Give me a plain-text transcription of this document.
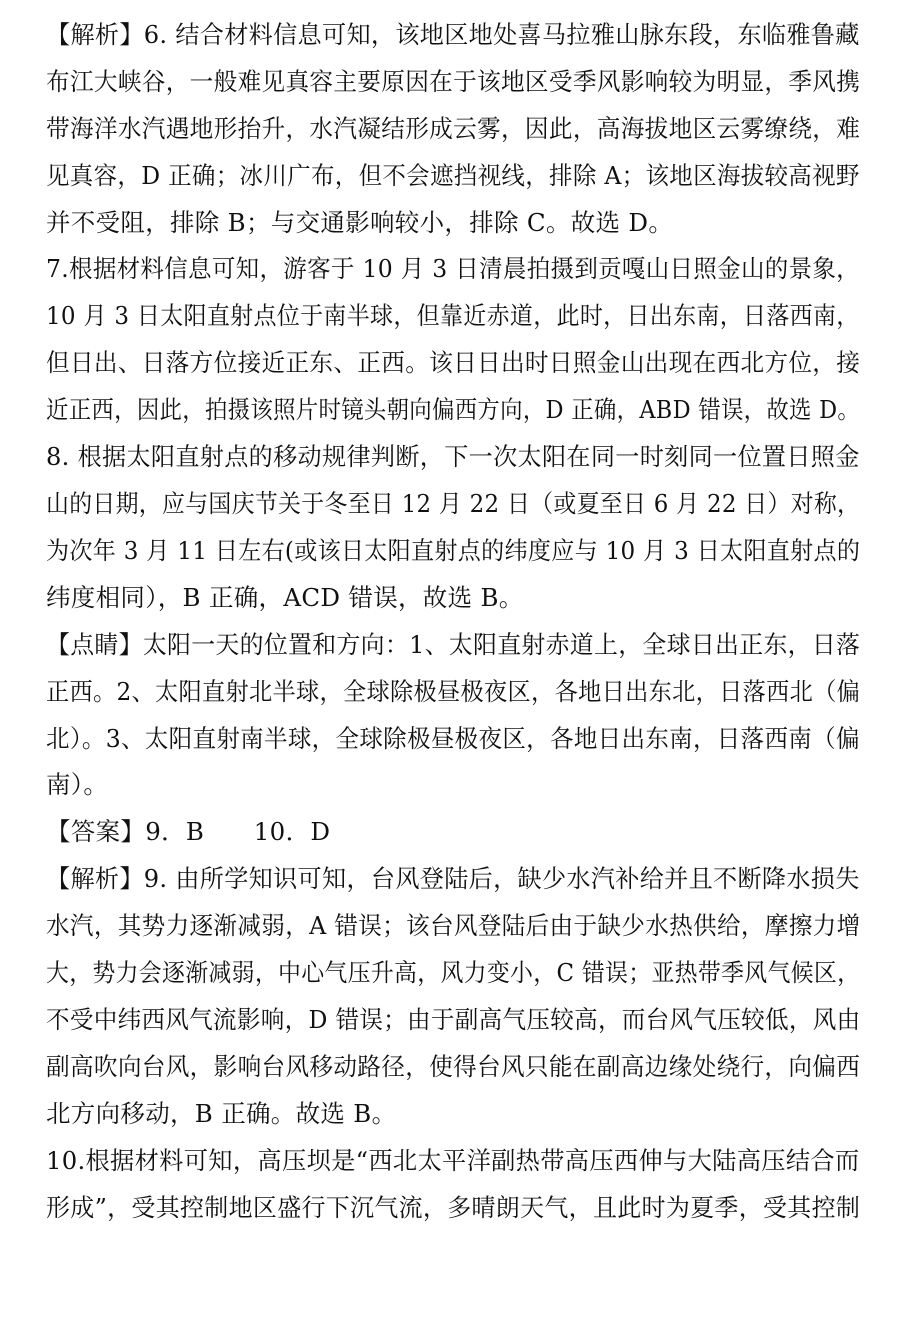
【解析】6. 结合材料信息可知，该地区地处喜马拉雅山脉东段，东临雅鲁藏
布江大峡谷，一般难见真容主要原因在于该地区受季风影响较为明显，季风携
带海洋水汽遇地形抬升，水汽凝结形成云雾，因此，高海拔地区云雾缭绕，难
见真容，D 正确；冰川广布，但不会遮挡视线，排除 A；该地区海拔较高视野
并不受阻，排除 B；与交通影响较小，排除 C。故选 D。
7.根据材料信息可知，游客于 10 月 3 日清晨拍摄到贡嘎山日照金山的景象，
10 月 3 日太阳直射点位于南半球，但靠近赤道，此时，日出东南，日落西南，
但日出、日落方位接近正东、正西。该日日出时日照金山出现在西北方位，接
近正西，因此，拍摄该照片时镜头朝向偏西方向，D 正确，ABD 错误，故选 D。
8. 根据太阳直射点的移动规律判断，下一次太阳在同一时刻同一位置日照金
山的日期，应与国庆节关于冬至日 12 月 22 日（或夏至日 6 月 22 日）对称，
为次年 3 月 11 日左右(或该日太阳直射点的纬度应与 10 月 3 日太阳直射点的
纬度相同），B 正确，ACD 错误，故选 B。
【点睛】太阳一天的位置和方向：1、太阳直射赤道上，全球日出正东，日落
正西。2、太阳直射北半球，全球除极昼极夜区，各地日出东北，日落西北（偏
北）。3、太阳直射南半球，全球除极昼极夜区，各地日出东南，日落西南（偏
南）。
【答案】9．B　　10．D
【解析】9. 由所学知识可知，台风登陆后，缺少水汽补给并且不断降水损失
水汽，其势力逐渐减弱，A 错误；该台风登陆后由于缺少水热供给，摩擦力增
大，势力会逐渐减弱，中心气压升高，风力变小，C 错误；亚热带季风气候区，
不受中纬西风气流影响，D 错误；由于副高气压较高，而台风气压较低，风由
副高吹向台风，影响台风移动路径，使得台风只能在副高边缘处绕行，向偏西
北方向移动，B 正确。故选 B。
10.根据材料可知，高压坝是“西北太平洋副热带高压西伸与大陆高压结合而
形成”，受其控制地区盛行下沉气流，多晴朗天气，且此时为夏季，受其控制
